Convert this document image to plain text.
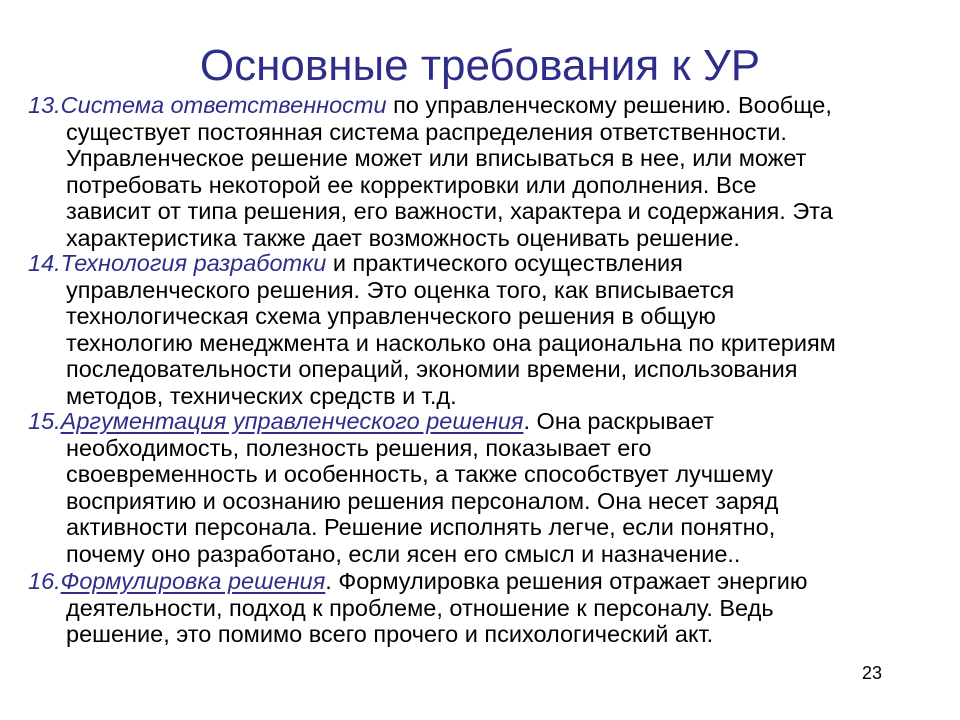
Основные требования к УР
13.Система ответственности по управленческому решению. Вообще,
существует постоянная система распределения ответственности.
Управленческое решение может или вписываться в нее, или может
потребовать некоторой ее корректировки или дополнения. Все
зависит от типа решения, его важности, характера и содержания. Эта
характеристика также дает возможность оценивать решение.
14.Технология разработки и практического осуществления
управленческого решения. Это оценка того, как вписывается
технологическая схема управленческого решения в общую
технологию менеджмента и насколько она рациональна по критериям
последовательности операций, экономии времени, использования
методов, технических средств и т.д.
15.Аргументация управленческого решения. Она раскрывает
необходимость, полезность решения, показывает его
своевременность и особенность, а также способствует лучшему
восприятию и осознанию решения персоналом. Она несет заряд
активности персонала. Решение исполнять легче, если понятно,
почему оно разработано, если ясен его смысл и назначение..
16.Формулировка решения. Формулировка решения отражает энергию
деятельности, подход к проблеме, отношение к персоналу. Ведь
решение, это помимо всего прочего и психологический акт.
23
